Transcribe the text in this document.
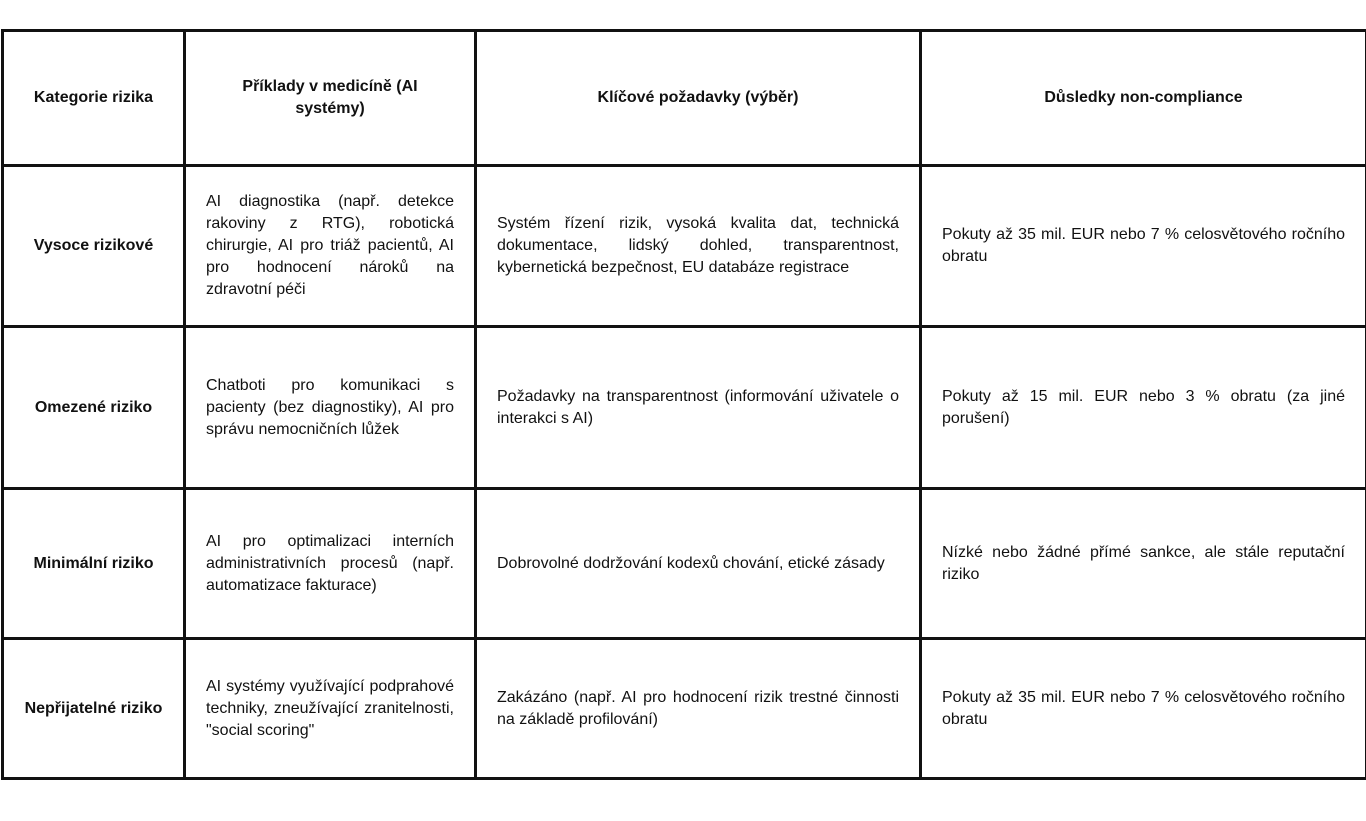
Kategorie rizika	Příklady v medicíně (AI systémy)	Klíčové požadavky (výběr)	Důsledky non-compliance
Vysoce rizikové	AI diagnostika (např. detekce rakoviny z RTG), robotická chirurgie, AI pro triáž pacientů, AI pro hodnocení nároků na zdravotní péči	Systém řízení rizik, vysoká kvalita dat, technická dokumentace, lidský dohled, transparentnost, kybernetická bezpečnost, EU databáze registrace	Pokuty až 35 mil. EUR nebo 7 % celosvětového ročního obratu
Omezené riziko	Chatboti pro komunikaci s pacienty (bez diagnostiky), AI pro správu nemocničních lůžek	Požadavky na transparentnost (informování uživatele o interakci s AI)	Pokuty až 15 mil. EUR nebo 3 % obratu (za jiné porušení)
Minimální riziko	AI pro optimalizaci interních administrativních procesů (např. automatizace fakturace)	Dobrovolné dodržování kodexů chování, etické zásady	Nízké nebo žádné přímé sankce, ale stále reputační riziko
Nepřijatelné riziko	AI systémy využívající podprahové techniky, zneužívající zranitelnosti, "social scoring"	Zakázáno (např. AI pro hodnocení rizik trestné činnosti na základě profilování)	Pokuty až 35 mil. EUR nebo 7 % celosvětového ročního obratu
